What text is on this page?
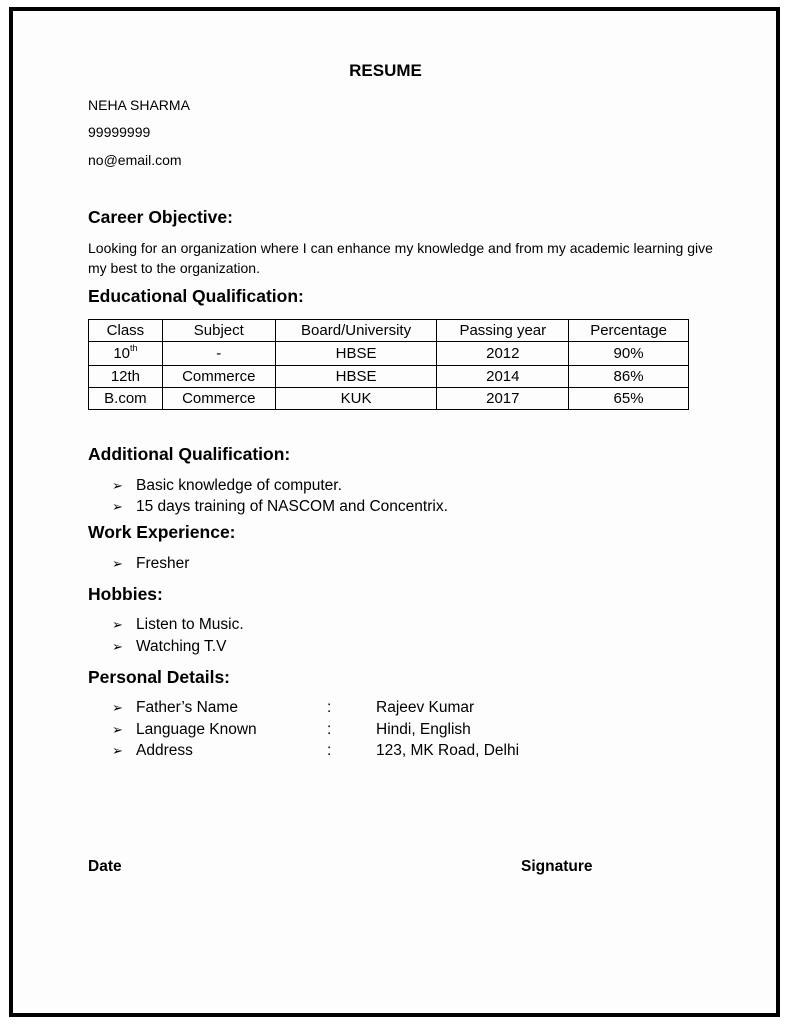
RESUME
NEHA SHARMA
99999999
no@email.com
Career Objective:
Looking for an organization where I can enhance my knowledge and from my academic learning give my best to the organization.
Educational Qualification:
Class	Subject	Board/University	Passing year	Percentage
10th	-	HBSE	2012	90%
12th	Commerce	HBSE	2014	86%
B.com	Commerce	KUK	2017	65%
Additional Qualification:
➢ Basic knowledge of computer.
➢ 15 days training of NASCOM and Concentrix.
Work Experience:
➢ Fresher
Hobbies:
➢ Listen to Music.
➢ Watching T.V
Personal Details:
➢ Father’s Name	:	Rajeev Kumar
➢ Language Known	:	Hindi, English
➢ Address	:	123, MK Road, Delhi
Date	Signature
